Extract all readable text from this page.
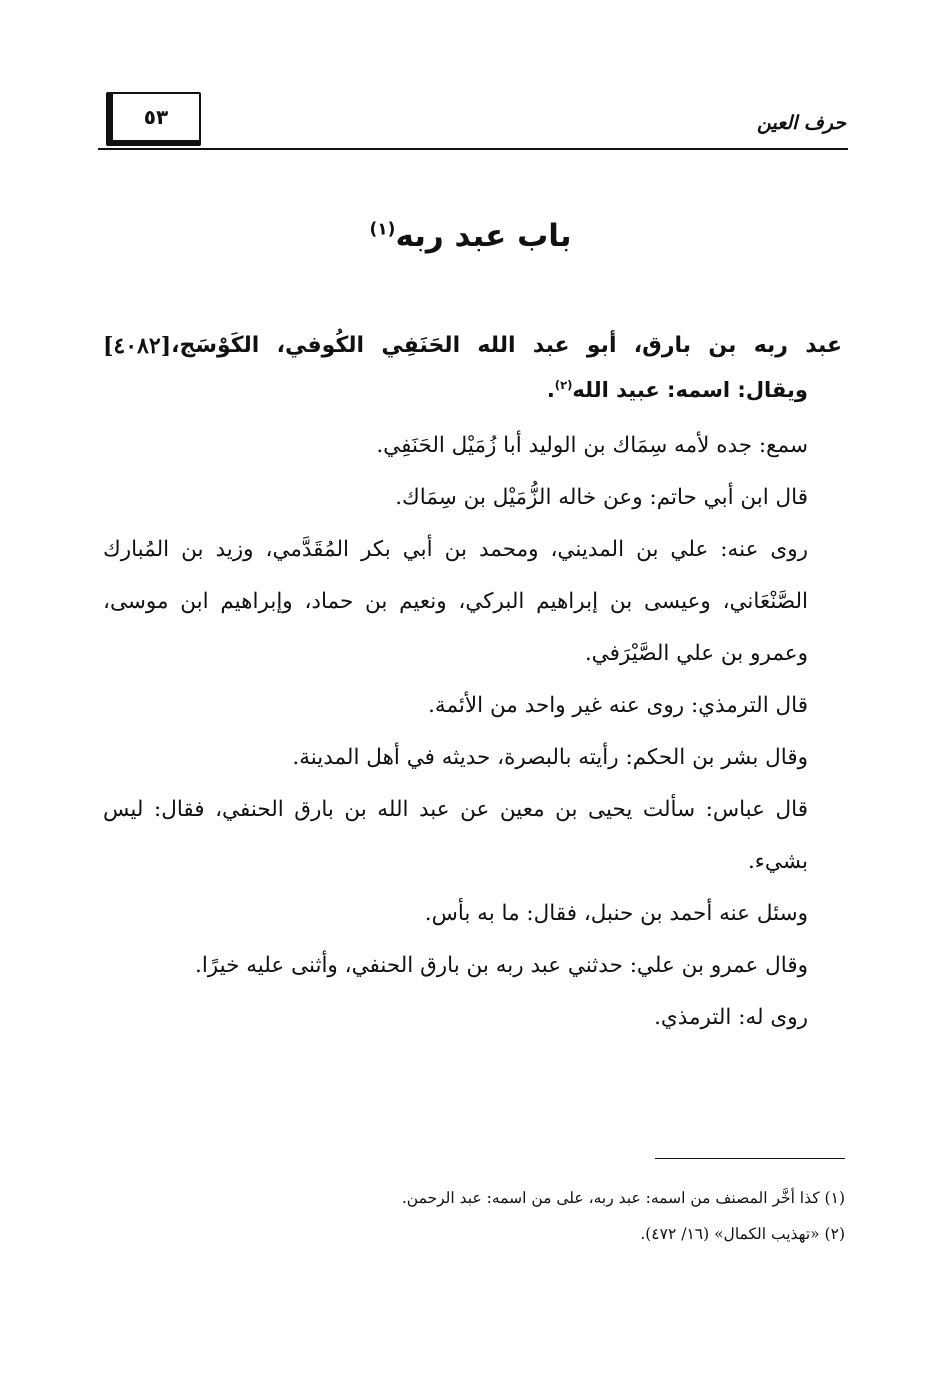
٥٣	حرف العين
باب عبد ربه$^{(١)}$
[٤٠٨٢] عبد ربه بن بارق، أبو عبد الله الحَنَفِي الكُوفي، الكَوْسَج،
ويقال: اسمه: عبيد الله$^{(٢)}$.
سمع: جده لأمه سِمَاك بن الوليد أبا زُمَيْل الحَنَفِي.
قال ابن أبي حاتم: وعن خاله الزُّمَيْل بن سِمَاك.
روى عنه: علي بن المديني، ومحمد بن أبي بكر المُقَدَّمي، وزيد بن المُبارك الصَّنْعَاني، وعيسى بن إبراهيم البركي، ونعيم بن حماد، وإبراهيم ابن موسى، وعمرو بن علي الصَّيْرَفي.
قال الترمذي: روى عنه غير واحد من الأئمة.
وقال بشر بن الحكم: رأيته بالبصرة، حديثه في أهل المدينة.
قال عباس: سألت يحيى بن معين عن عبد الله بن بارق الحنفي، فقال: ليس بشيء.
وسئل عنه أحمد بن حنبل، فقال: ما به بأس.
وقال عمرو بن علي: حدثني عبد ربه بن بارق الحنفي، وأثنى عليه خيرًا.
روى له: الترمذي.
(١) كذا أخَّر المصنف من اسمه: عبد ربه، على من اسمه: عبد الرحمن.
(٢) «تهذيب الكمال» (١٦/ ٤٧٢).
